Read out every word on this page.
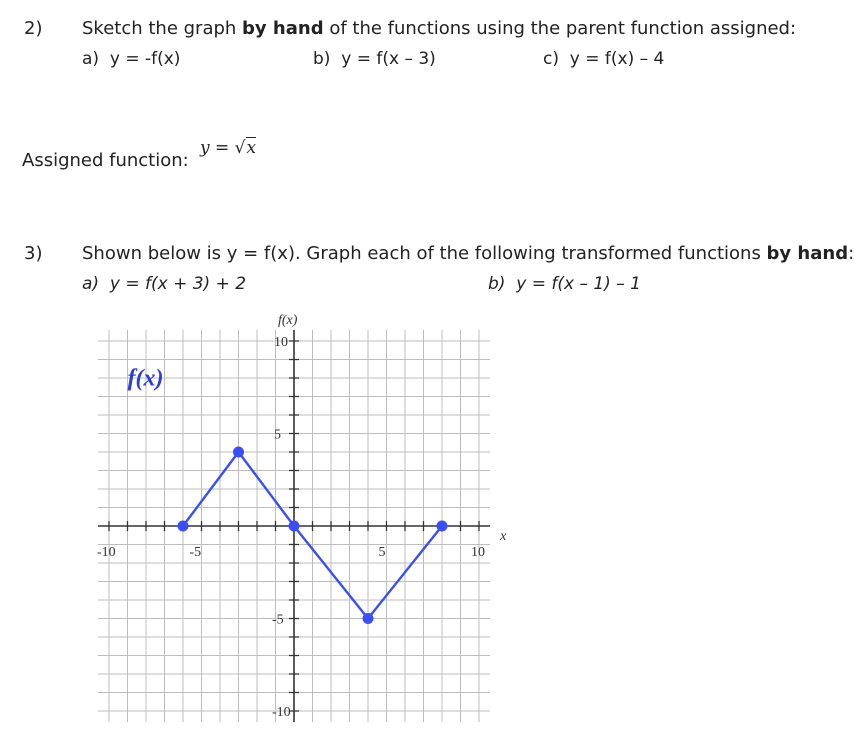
2) Sketch the graph by hand of the functions using the parent function assigned:
a) y = -f(x)	b) y = f(x – 3)	c) y = f(x) – 4
Assigned function:
y = √x
3) Shown below is y = f(x). Graph each of the following transformed functions by hand:
a) y = f(x + 3) + 2	b) y = f(x – 1) – 1
f(x)
x
f(x)
-10	-5	5	10
10
5
-5
-10
